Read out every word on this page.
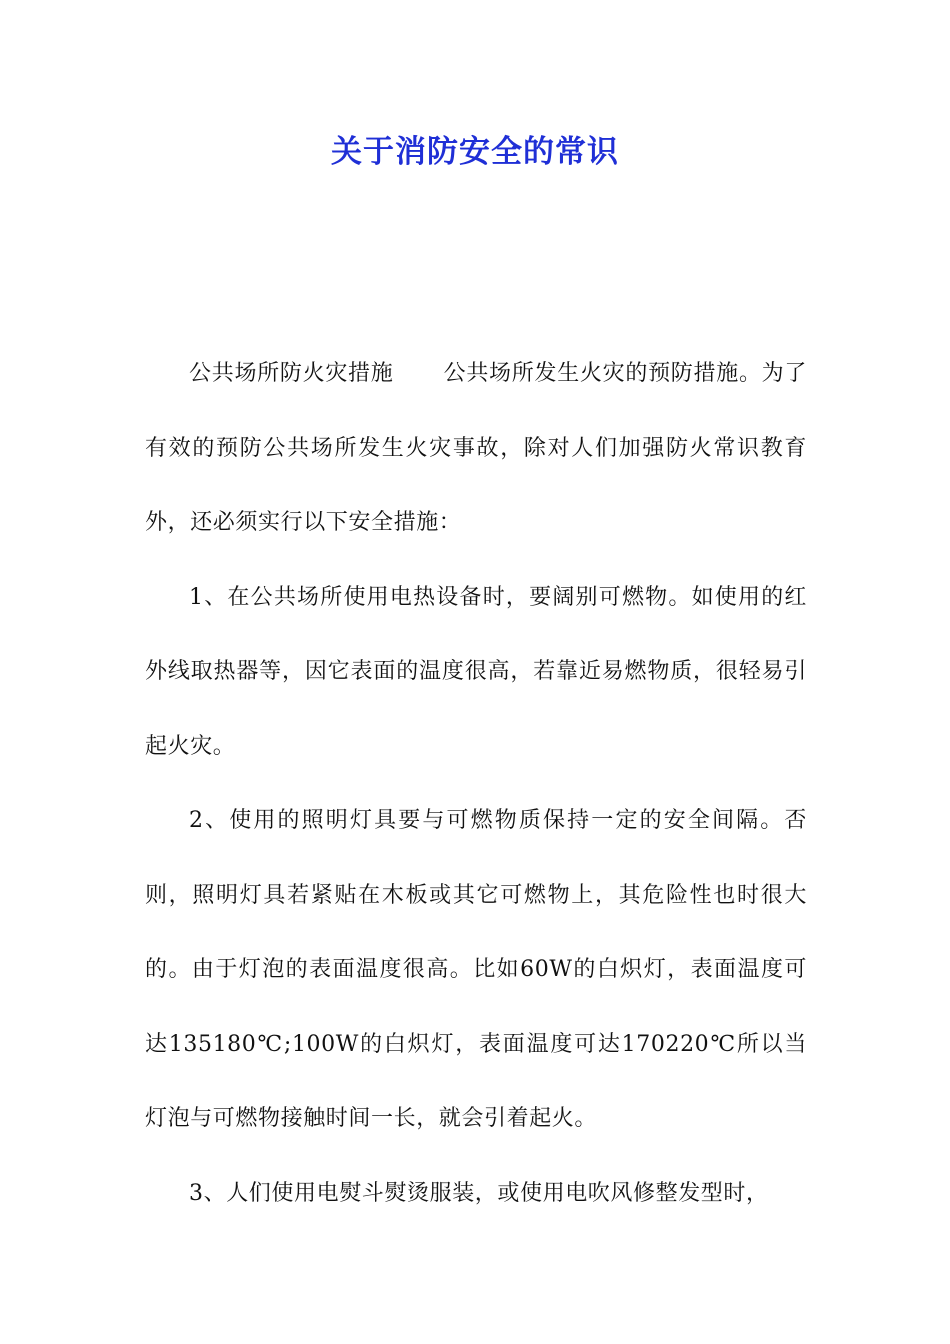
关于消防安全的常识

公共场所防火灾措施 公共场所发生火灾的预防措施。为了有效的预防公共场所发生火灾事故，除对人们加强防火常识教育外，还必须实行以下安全措施：

1、在公共场所使用电热设备时，要阔别可燃物。如使用的红外线取热器等，因它表面的温度很高，若靠近易燃物质，很轻易引起火灾。

2、使用的照明灯具要与可燃物质保持一定的安全间隔。否则，照明灯具若紧贴在木板或其它可燃物上，其危险性也时很大的。由于灯泡的表面温度很高。比如60W的白炽灯，表面温度可达135180℃;100W的白炽灯，表面温度可达170220℃所以当灯泡与可燃物接触时间一长，就会引着起火。

3、人们使用电熨斗熨烫服装，或使用电吹风修整发型时，
